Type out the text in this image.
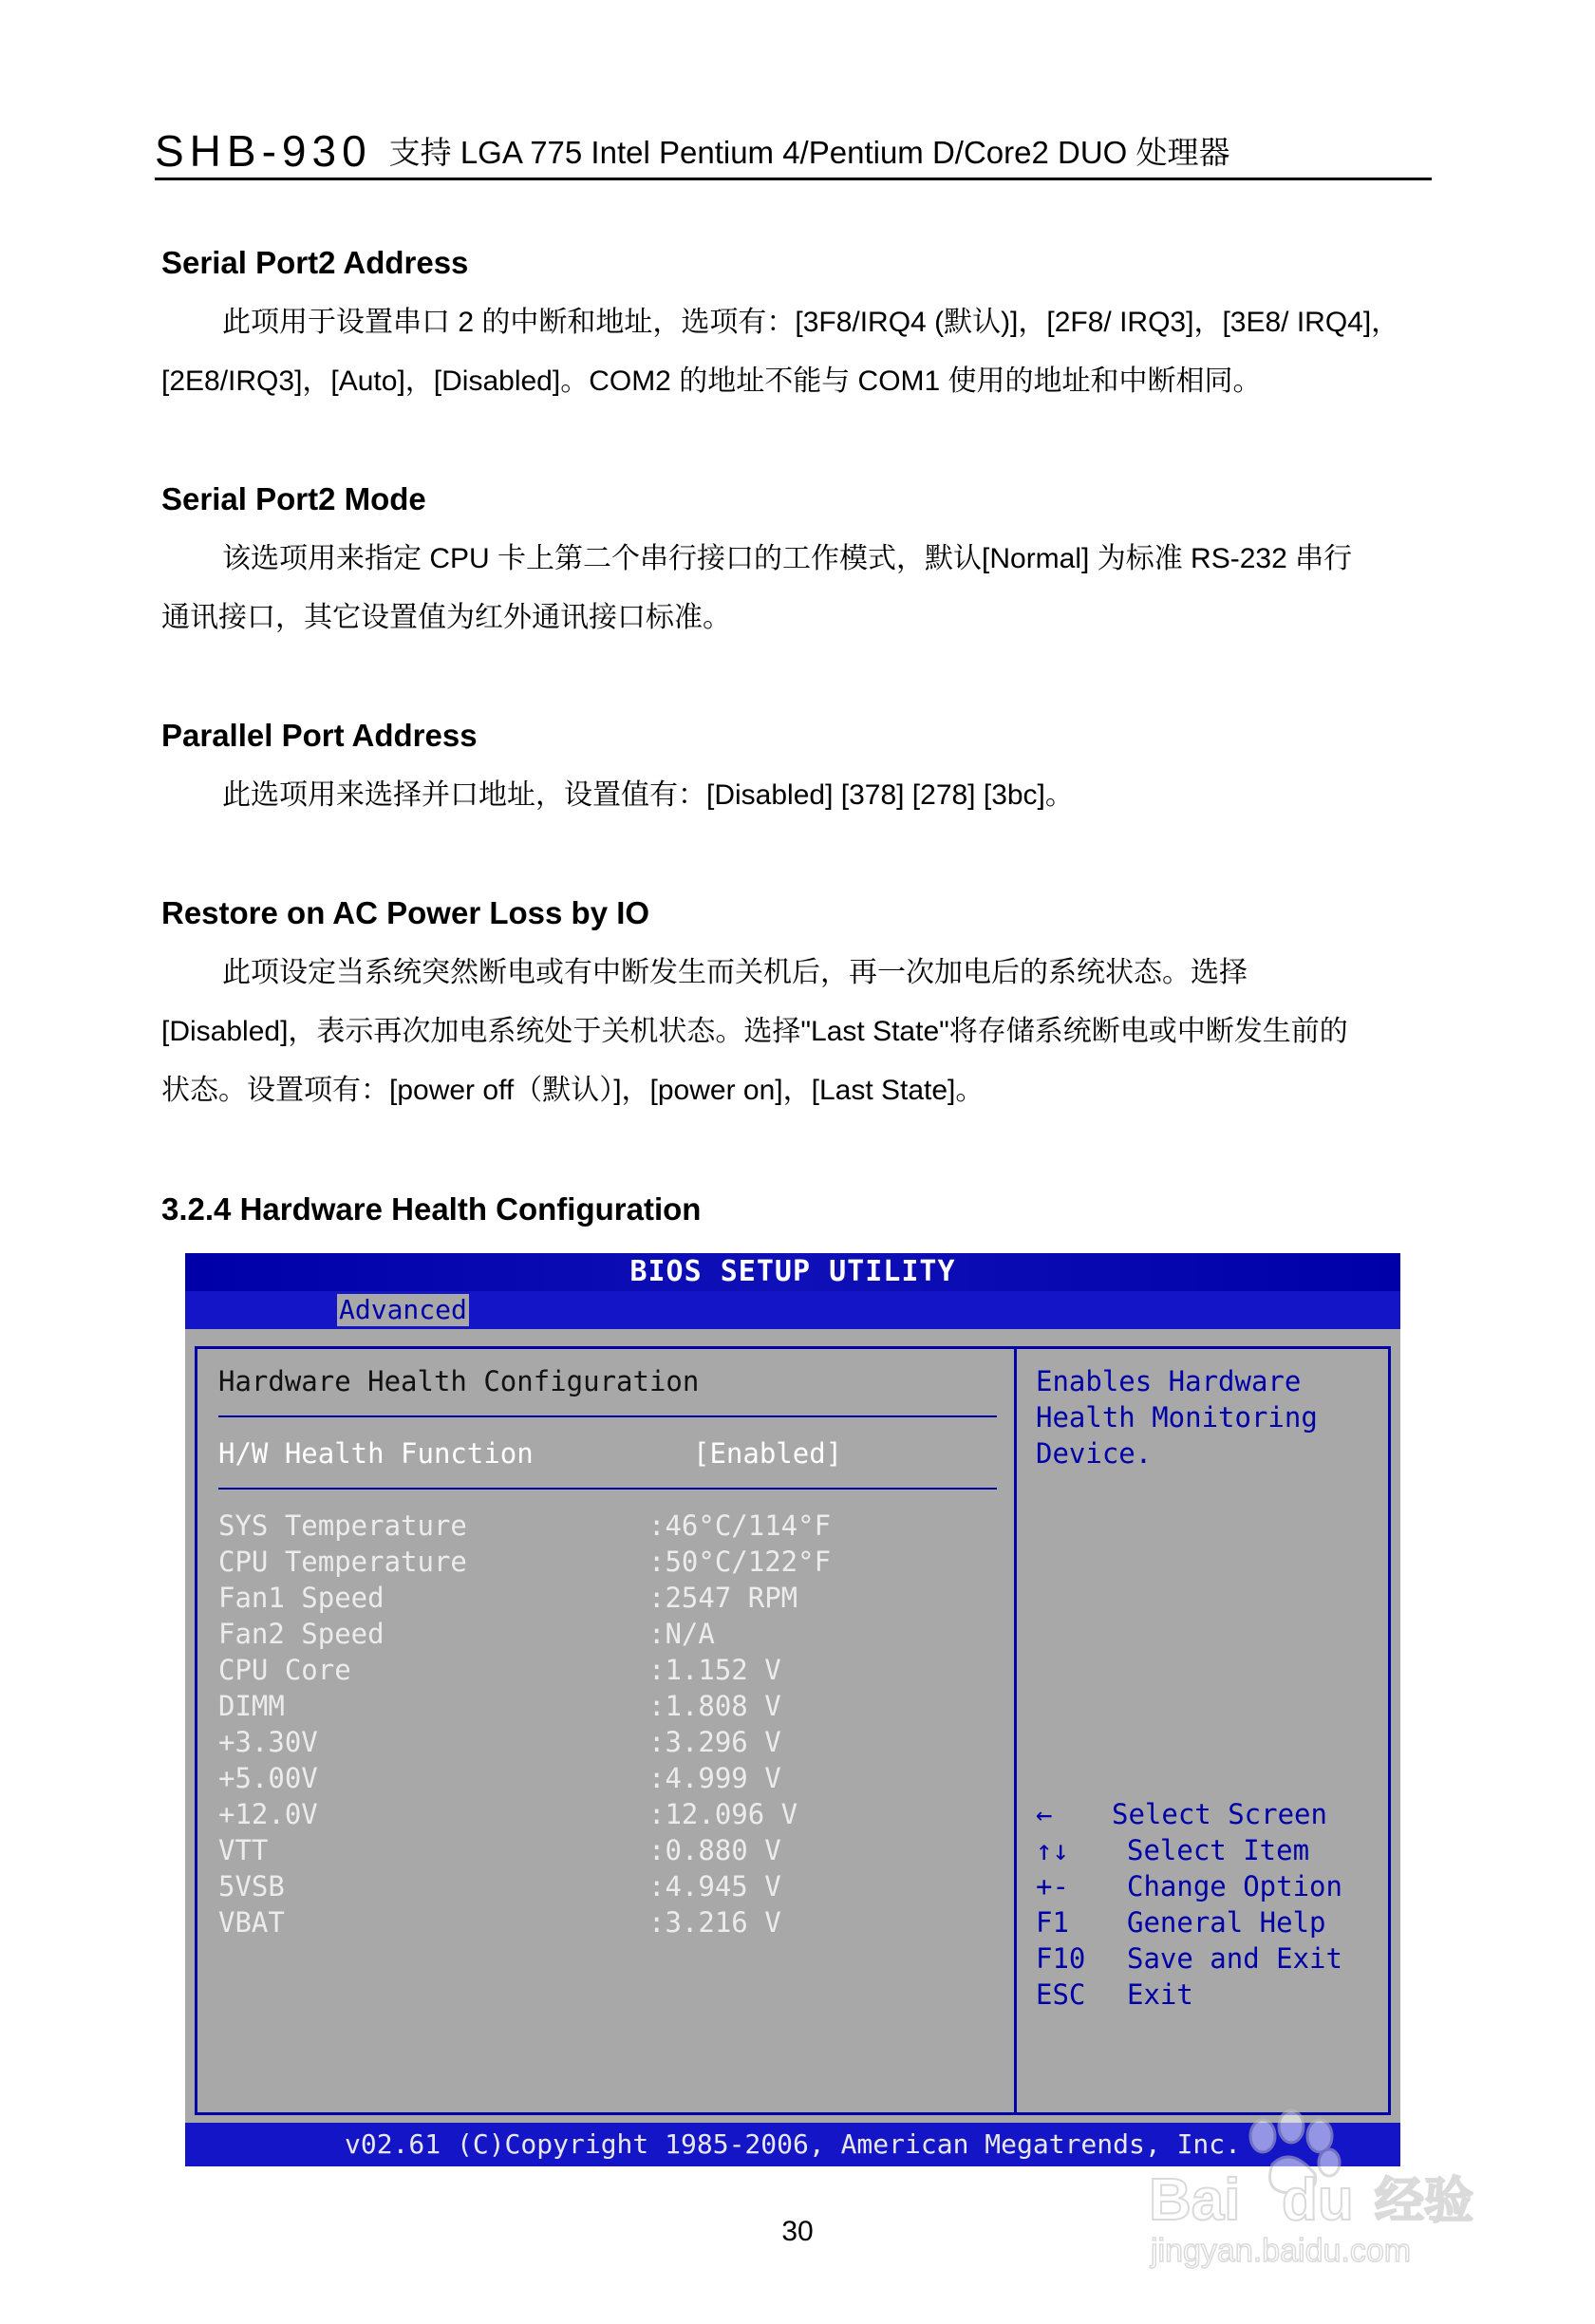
SHB-930 支持 LGA 775 Intel Pentium 4/Pentium D/Core2 DUO 处理器
Serial Port2 Address

此项用于设置串口 2 的中断和地址，选项有：[3F8/IRQ4 (默认)]，[2F8/ IRQ3]，[3E8/ IRQ4]，

[2E8/IRQ3]，[Auto]，[Disabled]。COM2 的地址不能与 COM1 使用的地址和中断相同。

Serial Port2 Mode

该选项用来指定 CPU 卡上第二个串行接口的工作模式，默认[Normal] 为标准 RS-232 串行

通讯接口，其它设置值为红外通讯接口标准。

Parallel Port Address

此选项用来选择并口地址，设置值有：[Disabled] [378] [278] [3bc]。

Restore on AC Power Loss by IO

此项设定当系统突然断电或有中断发生而关机后，再一次加电后的系统状态。选择

[Disabled]，表示再次加电系统处于关机状态。选择"Last State"将存储系统断电或中断发生前的

状态。设置项有：[power off（默认）]，[power on]，[Last State]。

3.2.4 Hardware Health Configuration
BIOS SETUP UTILITY
Advanced
Hardware Health Configuration
H/W Health Function	[Enabled]
SYS Temperature	:46°C/114°F
CPU Temperature	:50°C/122°F
Fan1 Speed	:2547 RPM
Fan2 Speed	:N/A
CPU Core	:1.152 V
DIMM	:1.808 V
+3.30V	:3.296 V
+5.00V	:4.999 V
+12.0V	:12.096 V
VTT	:0.880 V
5VSB	:4.945 V
VBAT	:3.216 V
Enables Hardware
Health Monitoring
Device.
← Select Screen
↑↓ Select Item
+- Change Option
F1 General Help
F10 Save and Exit
ESC Exit
v02.61 (C)Copyright 1985-2006, American Megatrends, Inc.
30	Bai du 经验
jingyan.baidu.com
